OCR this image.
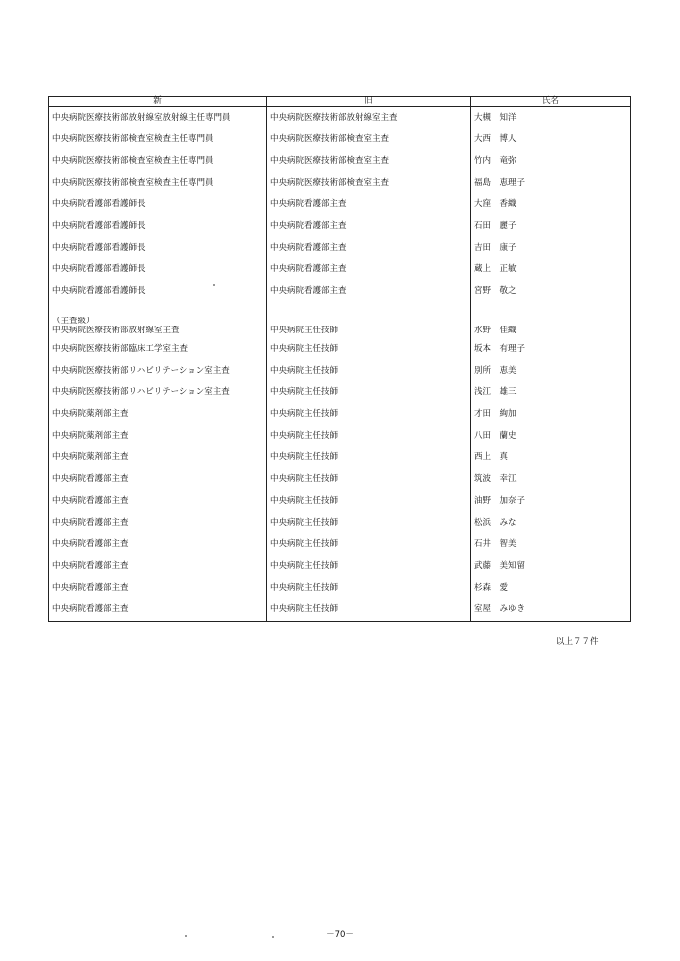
新	旧	氏名
中央病院医療技術部放射線室放射線主任専門員	中央病院医療技術部放射線室主査	大槻　知洋
中央病院医療技術部検査室検査主任専門員	中央病院医療技術部検査室主査	大西　博人
中央病院医療技術部検査室検査主任専門員	中央病院医療技術部検査室主査	竹内　竜弥
中央病院医療技術部検査室検査主任専門員	中央病院医療技術部検査室主査	福島　恵理子
中央病院看護部看護師長	中央病院看護部主査	大窪　香織
中央病院看護部看護師長	中央病院看護部主査	石田　麗子
中央病院看護部看護師長	中央病院看護部主査	吉田　康子
中央病院看護部看護師長	中央病院看護部主査	蔵上　正敏
中央病院看護部看護師長	中央病院看護部主査	宮野　敬之

（主査級）		
中央病院医療技術部放射線室主査	中央病院主任技師	水野　佳織
中央病院医療技術部臨床工学室主査	中央病院主任技師	坂本　有理子
中央病院医療技術部リハビリテーション室主査	中央病院主任技師	別所　恵美
中央病院医療技術部リハビリテーション室主査	中央病院主任技師	浅江　雄三
中央病院薬剤部主査	中央病院主任技師	才田　絢加
中央病院薬剤部主査	中央病院主任技師	八田　蘭史
中央病院薬剤部主査	中央病院主任技師	西上　真
中央病院看護部主査	中央病院主任技師	筑波　幸江
中央病院看護部主査	中央病院主任技師	油野　加奈子
中央病院看護部主査	中央病院主任技師	松浜　みな
中央病院看護部主査	中央病院主任技師	石井　智美
中央病院看護部主査	中央病院主任技師	武藤　美知留
中央病院看護部主査	中央病院主任技師	杉森　愛
中央病院看護部主査	中央病院主任技師	室屋　みゆき
以上７７件
－70－
